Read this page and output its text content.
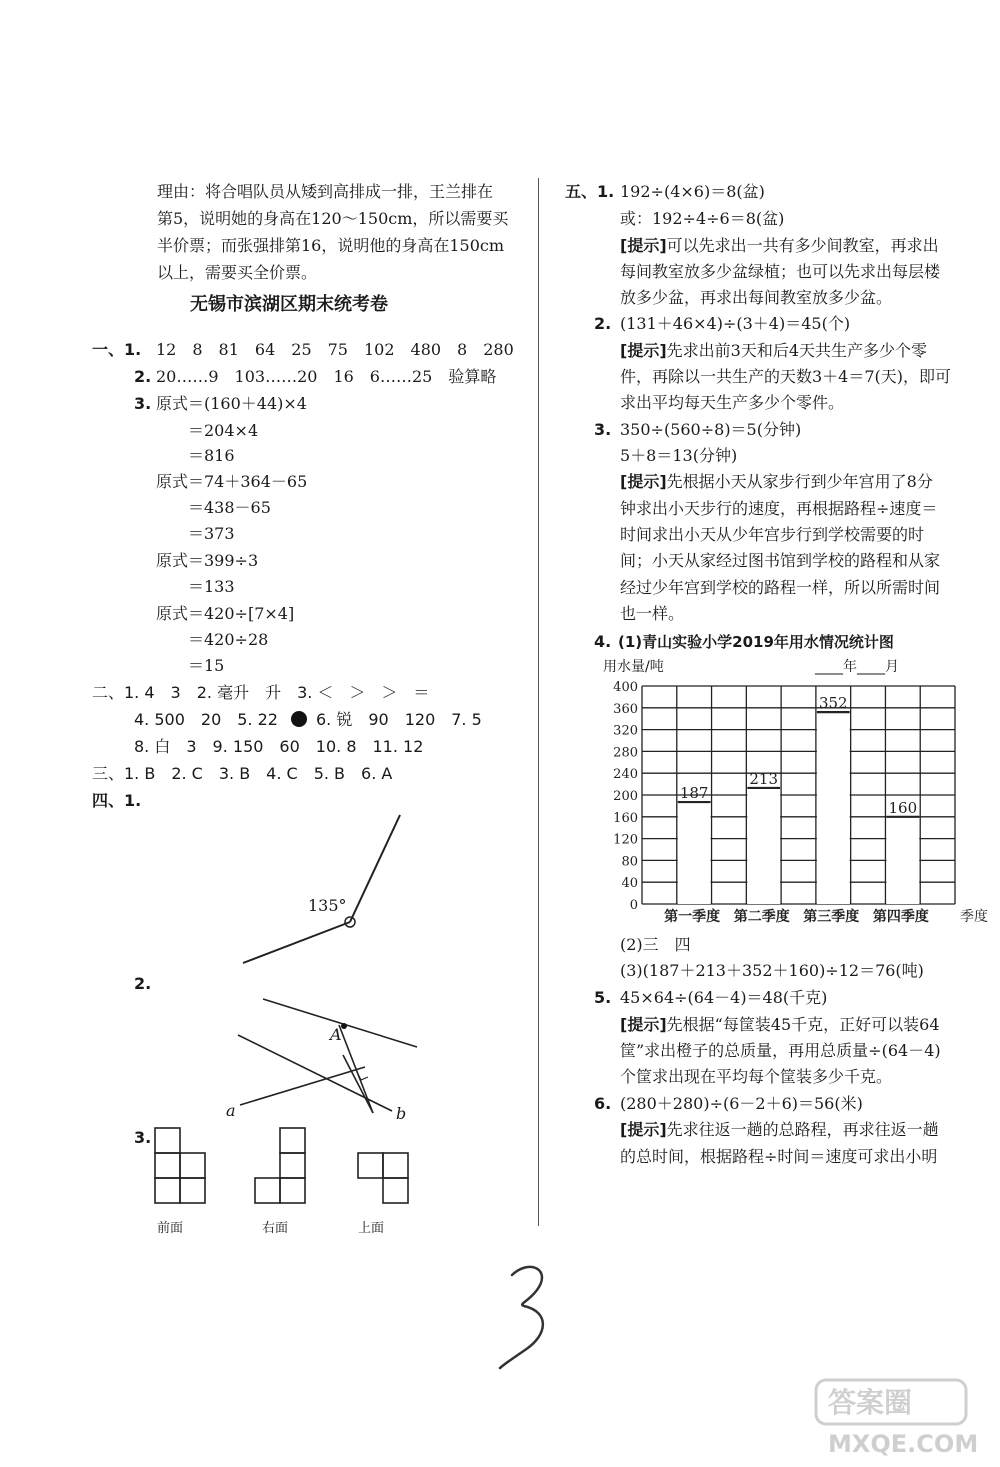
理由：将合唱队员从矮到高排成一排，王兰排在
第5，说明她的身高在120～150cm，所以需要买
半价票；而张强排第16，说明他的身高在150cm
以上，需要买全价票。
无锡市滨湖区期末统考卷
一、1. 12　8　81　64　25　75　102　480　8　280
2. 20……9　103……20　16　6……25　验算略
3. 原式＝(160＋44)×4
＝204×4
＝816
原式＝74＋364－65
＝438－65
＝373
原式＝399÷3
＝133
原式＝420÷[7×4]
＝420÷28
＝15
二、1. 4　3　2. 毫升　升　3. ＜　＞　＞　＝
4. 500　20　5. 22 6. 锐　90　120　7. 5
8. 白　3　9. 150　60　10. 8　11. 12
三、1. B　2. C　3. B　4. C　5. B　6. A
四、1.
135°
2.
A
a	b
3.
前面	右面	上面
五、1. 192÷(4×6)＝8(盆)
或：192÷4÷6＝8(盆)
[提示]可以先求出一共有多少间教室，再求出
每间教室放多少盆绿植；也可以先求出每层楼
放多少盆，再求出每间教室放多少盆。
2. (131＋46×4)÷(3＋4)＝45(个)
[提示]先求出前3天和后4天共生产多少个零
件，再除以一共生产的天数3＋4＝7(天)，即可
求出平均每天生产多少个零件。
3. 350÷(560÷8)＝5(分钟)
5＋8＝13(分钟)
[提示]先根据小天从家步行到少年宫用了8分
钟求出小天步行的速度，再根据路程÷速度＝
时间求出小天从少年宫步行到学校需要的时
间；小天从家经过图书馆到学校的路程和从家
经过少年宫到学校的路程一样，所以所需时间
也一样。
4. (1)青山实验小学2019年用水情况统计图
用水量/吨	____年____月
0
40
80
120
160
200
240
280
320
360
400
187
213
352
160
第一季度 第二季度 第三季度 第四季度 季度
(2)三　四
(3)(187＋213＋352＋160)÷12＝76(吨)
5. 45×64÷(64－4)＝48(千克)
[提示]先根据“每筐装45千克，正好可以装64
筐”求出橙子的总质量，再用总质量÷(64－4)
个筐求出现在平均每个筐装多少千克。
6. (280＋280)÷(6－2＋6)＝56(米)
[提示]先求往返一趟的总路程，再求往返一趟
的总时间，根据路程÷时间＝速度可求出小明
答案圈
MXQE.COM
